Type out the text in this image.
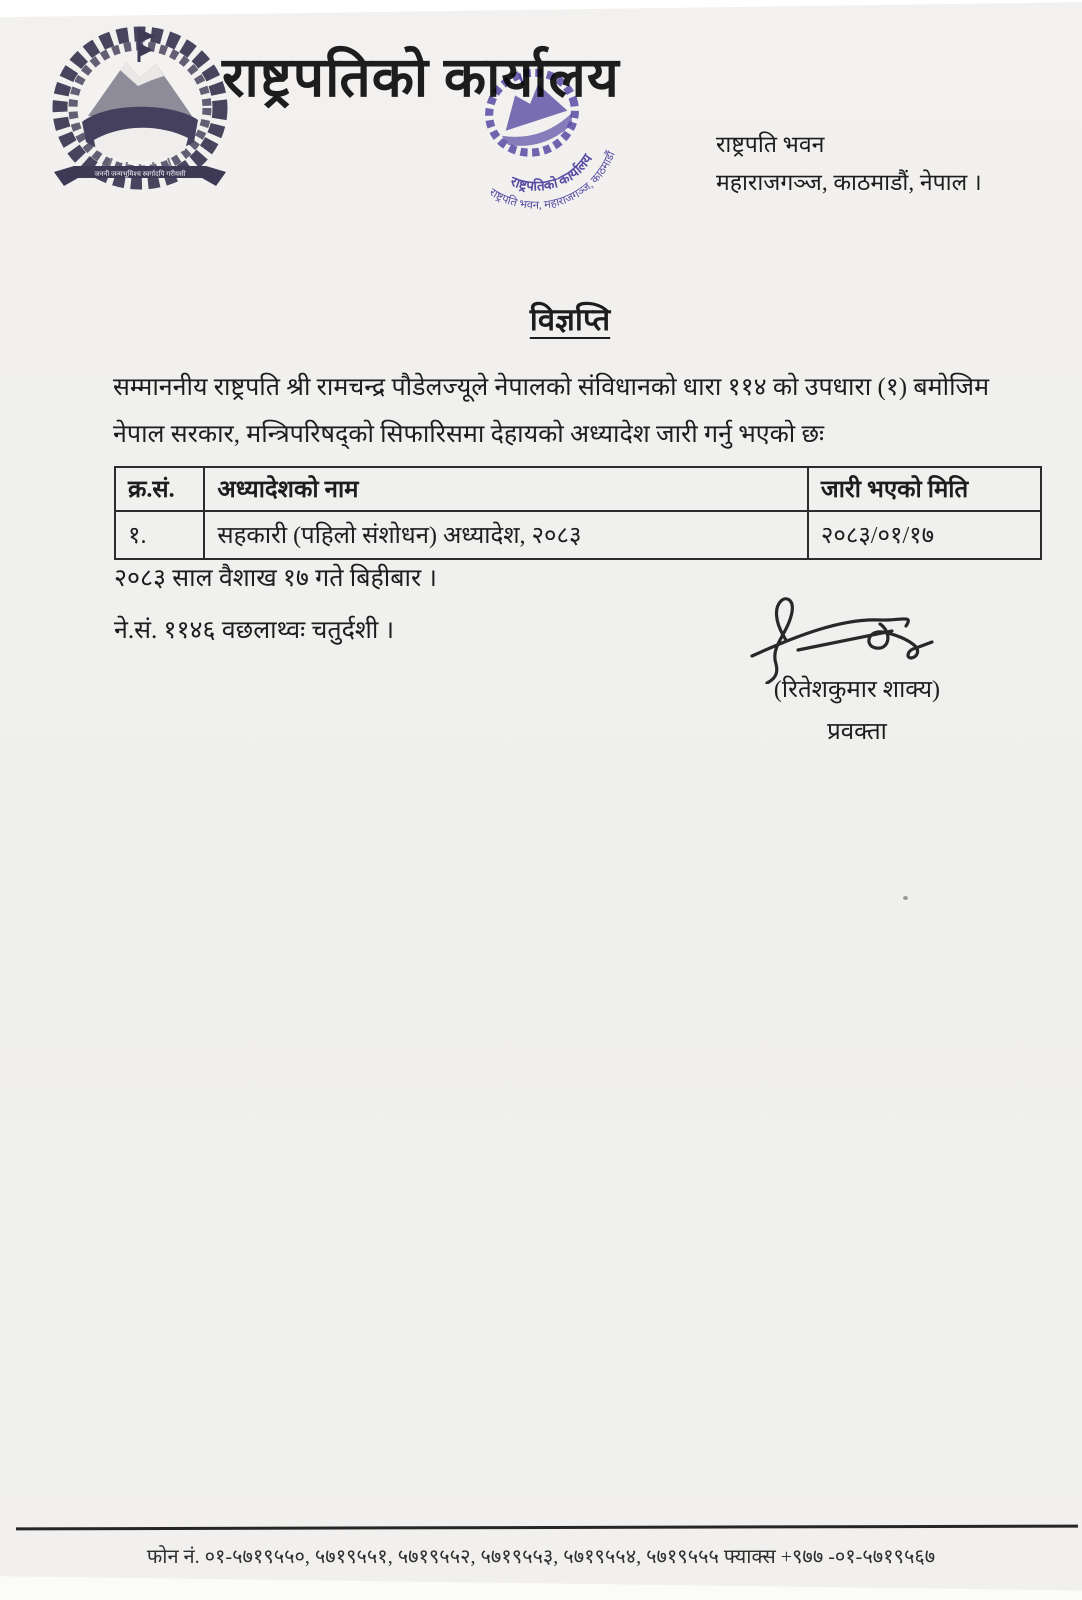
जननी जन्मभूमिश्च स्वर्गादपि गरीयसी
राष्ट्रपतिको कार्यालय
राष्ट्रपतिको कार्यालय
राष्ट्रपति भवन, महाराजगञ्ज, काठमाडौं	राष्ट्रपति भवन
महाराजगञ्ज, काठमाडौं, नेपाल ।
विज्ञप्ति
सम्माननीय राष्ट्रपति श्री रामचन्द्र पौडेलज्यूले नेपालको संविधानको धारा ११४ को उपधारा (१) बमोजिम नेपाल सरकार, मन्त्रिपरिषद्को सिफारिसमा देहायको अध्यादेश जारी गर्नु भएको छः
क्र.सं.	अध्यादेशको नाम	जारी भएको मिति
१.	सहकारी (पहिलो संशोधन) अध्यादेश, २०८३	२०८३/०१/१७
२०८३ साल वैशाख १७ गते बिहीबार ।
ने.सं. ११४६ वछलाथ्वः चतुर्दशी ।
(रितेशकुमार शाक्य)
प्रवक्ता
फोन नं. ०१-५७१९५५०, ५७१९५५१, ५७१९५५२, ५७१९५५३, ५७१९५५४, ५७१९५५५ फ्याक्स +९७७ -०१-५७१९५६७
